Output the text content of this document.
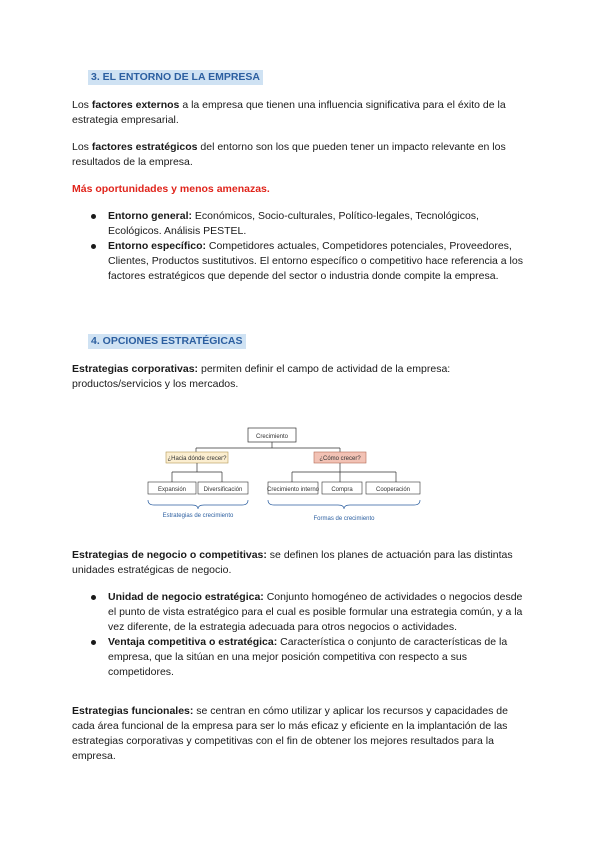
3. EL ENTORNO DE LA EMPRESA

Los factores externos a la empresa que tienen una influencia significativa para el éxito de la estrategia empresarial.

Los factores estratégicos del entorno son los que pueden tener un impacto relevante en los resultados de la empresa.

Más oportunidades y menos amenazas.

Entorno general: Económicos, Socio-culturales, Político-legales, Tecnológicos, Ecológicos. Análisis PESTEL.
Entorno específico: Competidores actuales, Competidores potenciales, Proveedores, Clientes, Productos sustitutivos. El entorno específico o competitivo hace referencia a los factores estratégicos que depende del sector o industria donde compite la empresa.
4. OPCIONES ESTRATÉGICAS

Estrategias corporativas: permiten definir el campo de actividad de la empresa: productos/servicios y los mercados.

Crecimiento
¿Hacia dónde crecer?	¿Cómo crecer?
Expansión	Diversificación	Crecimiento interno Compra	Cooperación
Estrategias de crecimiento	Formas de crecimiento

Estrategias de negocio o competitivas: se definen los planes de actuación para las distintas unidades estratégicas de negocio.

Unidad de negocio estratégica: Conjunto homogéneo de actividades o negocios desde el punto de vista estratégico para el cual es posible formular una estrategia común, y a la vez diferente, de la estrategia adecuada para otros negocios o actividades.
Ventaja competitiva o estratégica: Característica o conjunto de características de la empresa, que la sitúan en una mejor posición competitiva con respecto a sus competidores.

Estrategias funcionales: se centran en cómo utilizar y aplicar los recursos y capacidades de cada área funcional de la empresa para ser lo más eficaz y eficiente en la implantación de las estrategias corporativas y competitivas con el fin de obtener los mejores resultados para la empresa.
